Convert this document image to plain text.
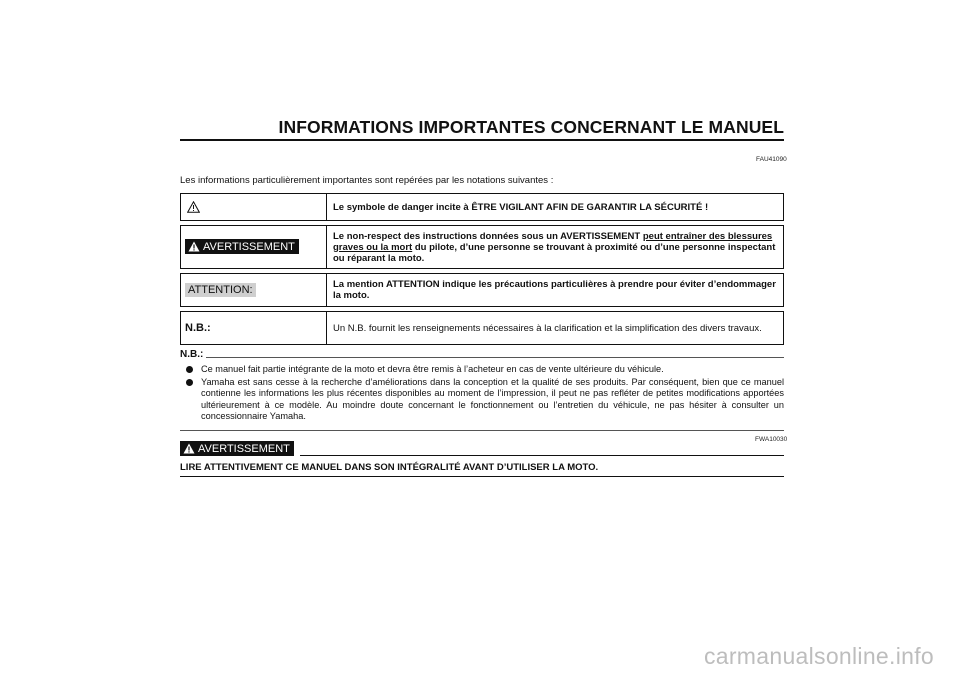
INFORMATIONS IMPORTANTES CONCERNANT LE MANUEL
FAU41090
Les informations particulièrement importantes sont repérées par les notations suivantes :
	Le symbole de danger incite à ÊTRE VIGILANT AFIN DE GARANTIR LA SÉCURITÉ !

AVERTISSEMENT	Le non-respect des instructions données sous un AVERTISSEMENT peut entraîner des blessures graves ou la mort du pilote, d’une personne se trouvant à proximité ou d’une personne inspectant ou réparant la moto.
ATTENTION:	La mention ATTENTION indique les précautions particulières à prendre pour éviter d’endommager la moto.
N.B.:	Un N.B. fournit les renseignements nécessaires à la clarification et la simplification des divers travaux.
N.B.:
Ce manuel fait partie intégrante de la moto et devra être remis à l’acheteur en cas de vente ultérieure du véhicule.
Yamaha est sans cesse à la recherche d’améliorations dans la conception et la qualité de ses produits. Par conséquent, bien que ce manuel contienne les informations les plus récentes disponibles au moment de l’impression, il peut ne pas refléter de petites modifications apportées ultérieurement à ce modèle. Au moindre doute concernant le fonctionnement ou l’entretien du véhicule, ne pas hésiter à consulter un concessionnaire Yamaha.
FWA10030
AVERTISSEMENT
LIRE ATTENTIVEMENT CE MANUEL DANS SON INTÉGRALITÉ AVANT D’UTILISER LA MOTO.
carmanualsonline.info
